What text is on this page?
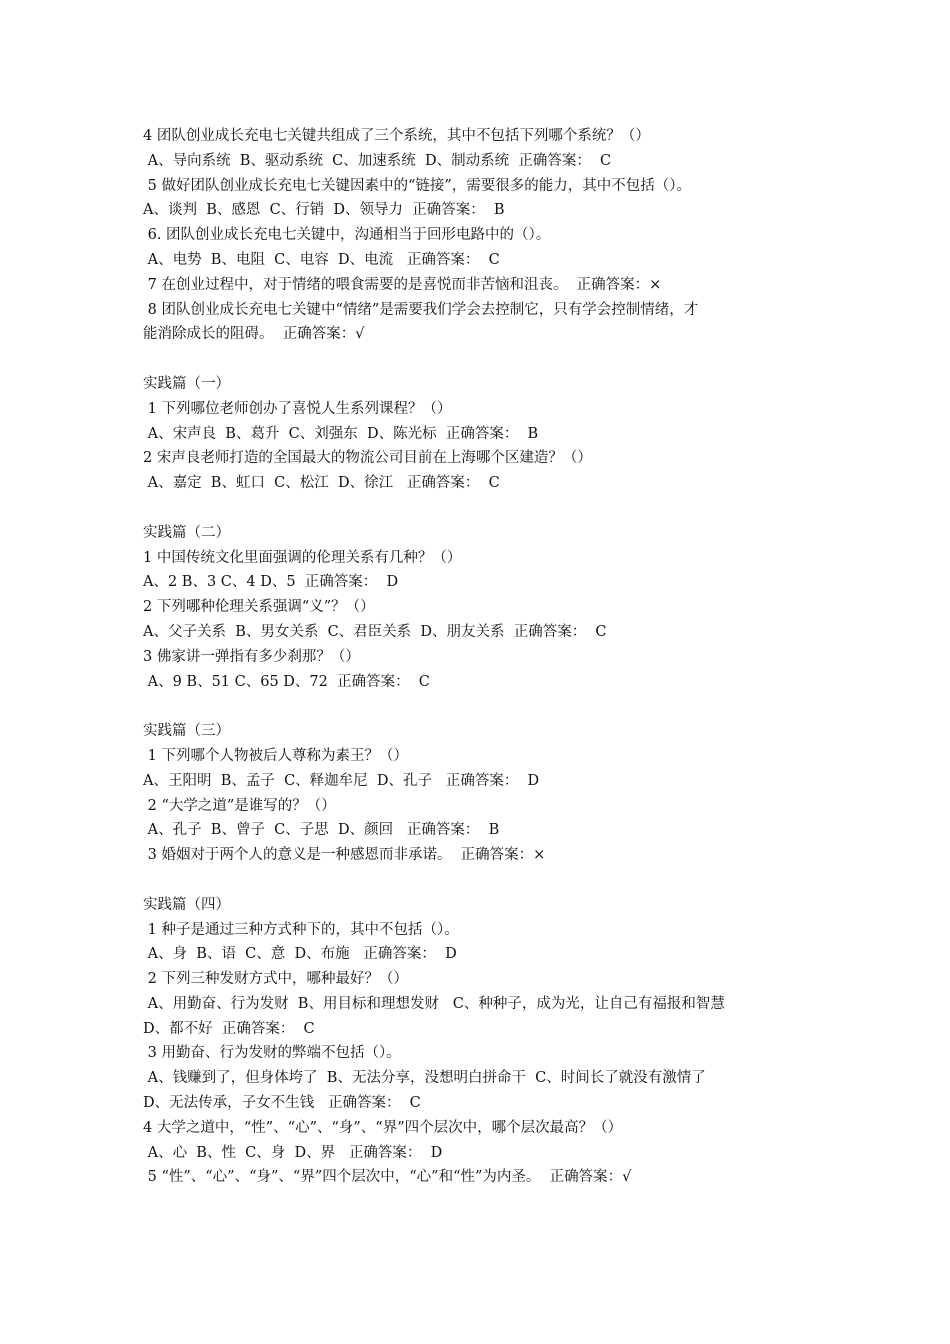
4 团队创业成长充电七关键共组成了三个系统，其中不包括下列哪个系统？（）
A、导向系统  B、驱动系统  C、加速系统  D、制动系统  正确答案：  C
5 做好团队创业成长充电七关键因素中的“链接”，需要很多的能力，其中不包括（）。
A、谈判  B、感恩  C、行销  D、领导力  正确答案：  B
6. 团队创业成长充电七关键中，沟通相当于回形电路中的（）。
A、电势  B、电阻  C、电容  D、电流   正确答案：  C
7 在创业过程中，对于情绪的喂食需要的是喜悦而非苦恼和沮丧。  正确答案：×
8 团队创业成长充电七关键中“情绪”是需要我们学会去控制它，只有学会控制情绪，才
能消除成长的阻碍。  正确答案：√
实践篇（一）
1 下列哪位老师创办了喜悦人生系列课程？（）
A、宋声良  B、葛升  C、刘强东  D、陈光标  正确答案：  B
2 宋声良老师打造的全国最大的物流公司目前在上海哪个区建造？（）
A、嘉定  B、虹口  C、松江  D、徐江   正确答案：  C
实践篇（二）
1 中国传统文化里面强调的伦理关系有几种？（）
A、2 B、3 C、4 D、5  正确答案：  D
2 下列哪种伦理关系强调“义”？（）
A、父子关系  B、男女关系  C、君臣关系  D、朋友关系  正确答案：  C
3 佛家讲一弹指有多少刹那？（）
A、9 B、51 C、65 D、72  正确答案：  C
实践篇（三）
1 下列哪个人物被后人尊称为素王？（）
A、王阳明  B、孟子  C、释迦牟尼  D、孔子   正确答案：  D
2 “大学之道”是谁写的？（）
A、孔子  B、曾子  C、子思  D、颜回   正确答案：  B
3 婚姻对于两个人的意义是一种感恩而非承诺。  正确答案：×
实践篇（四）
1 种子是通过三种方式种下的，其中不包括（）。
A、身  B、语  C、意  D、布施   正确答案：  D
2 下列三种发财方式中，哪种最好？（）
A、用勤奋、行为发财  B、用目标和理想发财   C、种种子，成为光，让自己有福报和智慧
D、都不好  正确答案：  C
3 用勤奋、行为发财的弊端不包括（）。
A、钱赚到了，但身体垮了  B、无法分享，没想明白拼命干  C、时间长了就没有激情了
D、无法传承，子女不生钱   正确答案：  C
4 大学之道中，“性”、“心”、“身”、“界”四个层次中，哪个层次最高？（）
A、心  B、性  C、身  D、界   正确答案：  D
5 “性”、“心”、“身”、“界”四个层次中，“心”和“性”为内圣。  正确答案：√
